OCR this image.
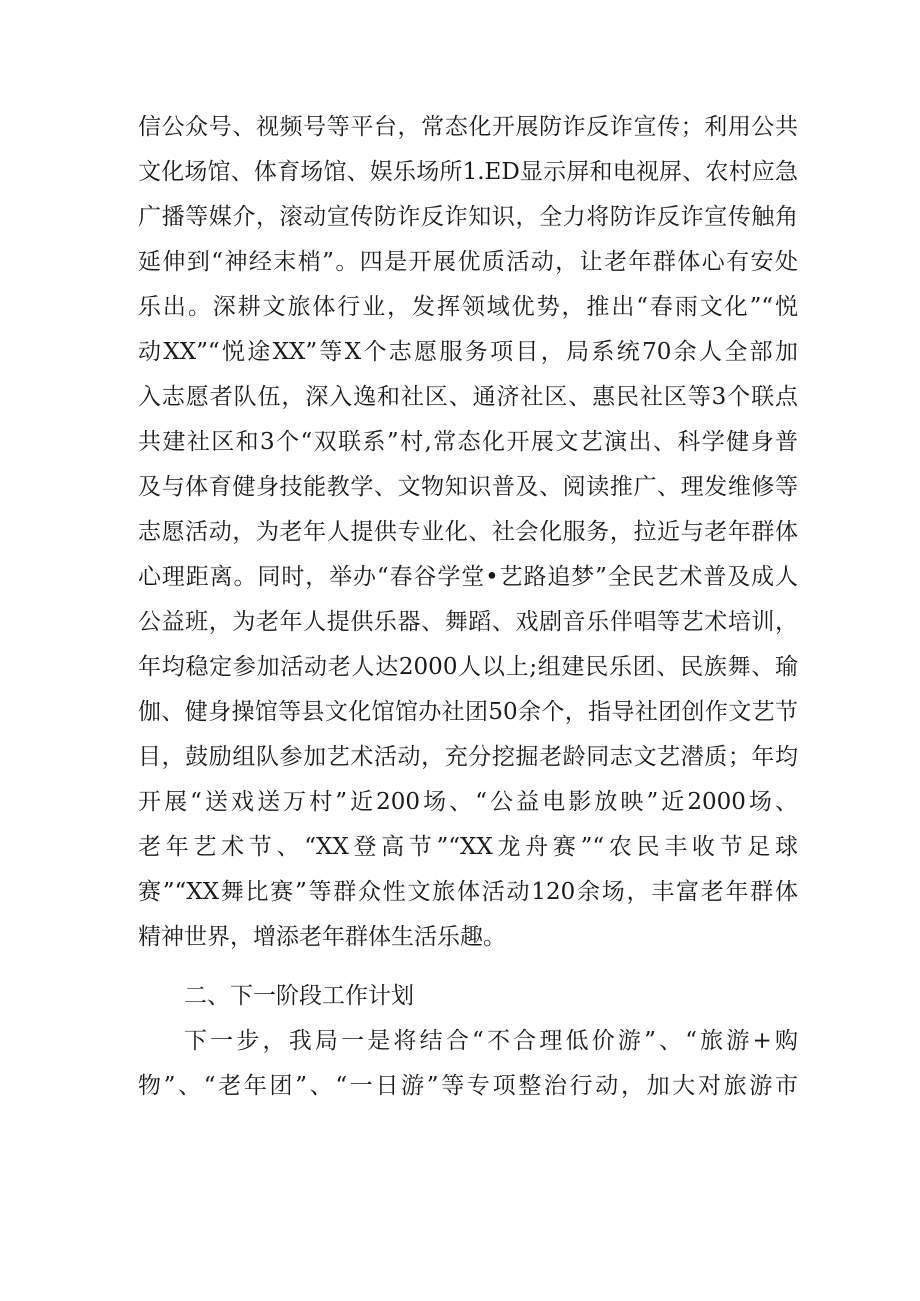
信公众号、视频号等平台，常态化开展防诈反诈宣传；利用公共
文化场馆、体育场馆、娱乐场所1.ED显示屏和电视屏、农村应急
广播等媒介，滚动宣传防诈反诈知识，全力将防诈反诈宣传触角
延伸到“神经末梢”。四是开展优质活动，让老年群体心有安处
乐出。深耕文旅体行业，发挥领域优势，推出“春雨文化”“悦
动XX”“悦途XX”等X个志愿服务项目，局系统70余人全部加
入志愿者队伍，深入逸和社区、通济社区、惠民社区等3个联点
共建社区和3个“双联系”村,常态化开展文艺演出、科学健身普
及与体育健身技能教学、文物知识普及、阅读推广、理发维修等
志愿活动，为老年人提供专业化、社会化服务，拉近与老年群体
心理距离。同时，举办“春谷学堂•艺路追梦”全民艺术普及成人
公益班，为老年人提供乐器、舞蹈、戏剧音乐伴唱等艺术培训，
年均稳定参加活动老人达2000人以上;组建民乐团、民族舞、瑜
伽、健身操馆等县文化馆馆办社团50余个，指导社团创作文艺节
目，鼓励组队参加艺术活动，充分挖掘老龄同志文艺潜质；年均
开展“送戏送万村”近200场、“公益电影放映”近2000场、
老年艺术节、“XX登高节”“XX龙舟赛”“农民丰收节足球
赛”“XX舞比赛”等群众性文旅体活动120余场，丰富老年群体
精神世界，增添老年群体生活乐趣。
二、下一阶段工作计划
下一步，我局一是将结合“不合理低价游”、“旅游+购
物”、“老年团”、“一日游”等专项整治行动，加大对旅游市
